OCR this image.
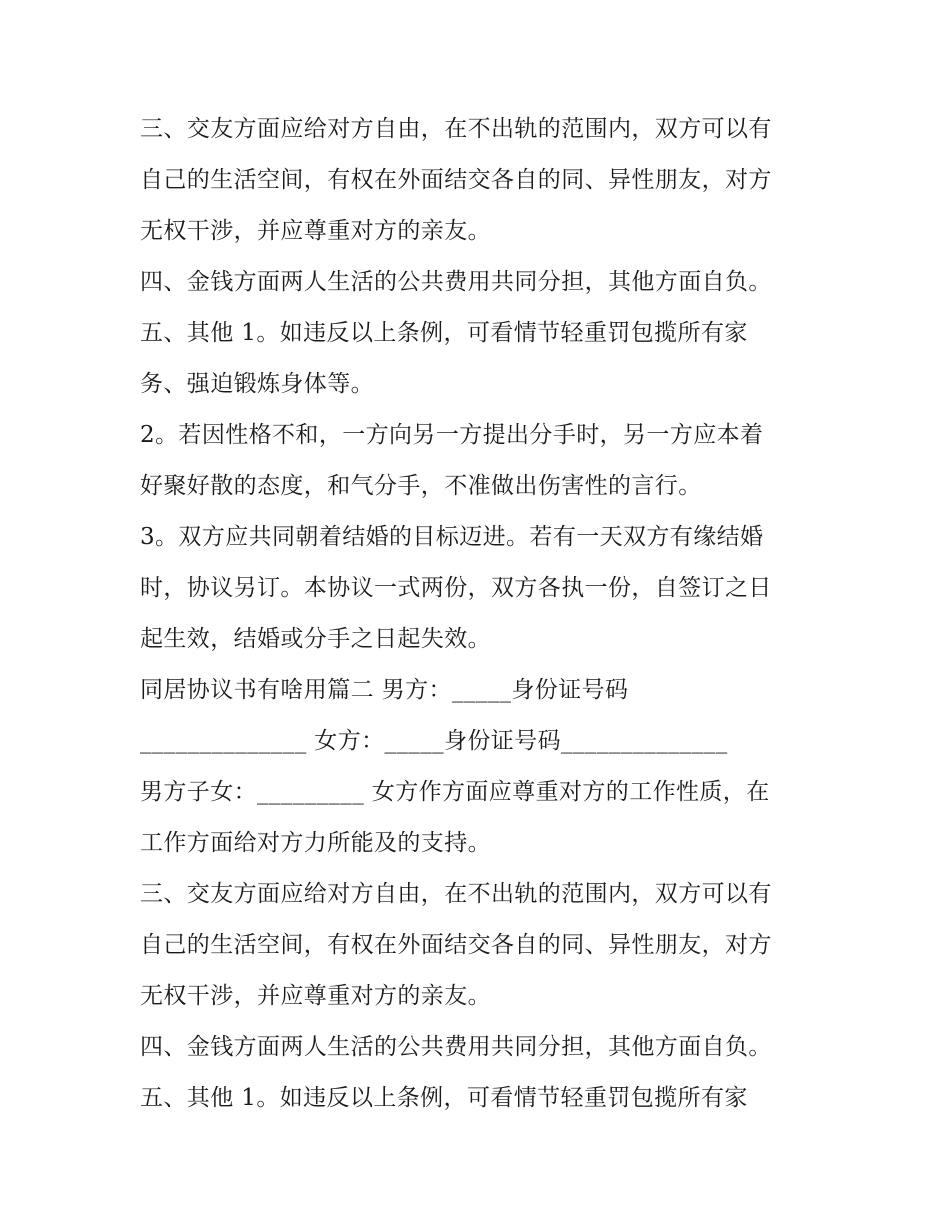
三、交友方面应给对方自由，在不出轨的范围内，双方可以有
自己的生活空间，有权在外面结交各自的同、异性朋友，对方
无权干涉，并应尊重对方的亲友。
四、金钱方面两人生活的公共费用共同分担，其他方面自负。
五、其他 1。如违反以上条例，可看情节轻重罚包揽所有家
务、强迫锻炼身体等。
2。若因性格不和，一方向另一方提出分手时，另一方应本着
好聚好散的态度，和气分手，不准做出伤害性的言行。
3。双方应共同朝着结婚的目标迈进。若有一天双方有缘结婚
时，协议另订。本协议一式两份，双方各执一份，自签订之日
起生效，结婚或分手之日起失效。
同居协议书有啥用篇二 男方：_____身份证号码
______________ 女方：_____身份证号码______________
男方子女：_________ 女方作方面应尊重对方的工作性质，在
工作方面给对方力所能及的支持。
三、交友方面应给对方自由，在不出轨的范围内，双方可以有
自己的生活空间，有权在外面结交各自的同、异性朋友，对方
无权干涉，并应尊重对方的亲友。
四、金钱方面两人生活的公共费用共同分担，其他方面自负。
五、其他 1。如违反以上条例，可看情节轻重罚包揽所有家
